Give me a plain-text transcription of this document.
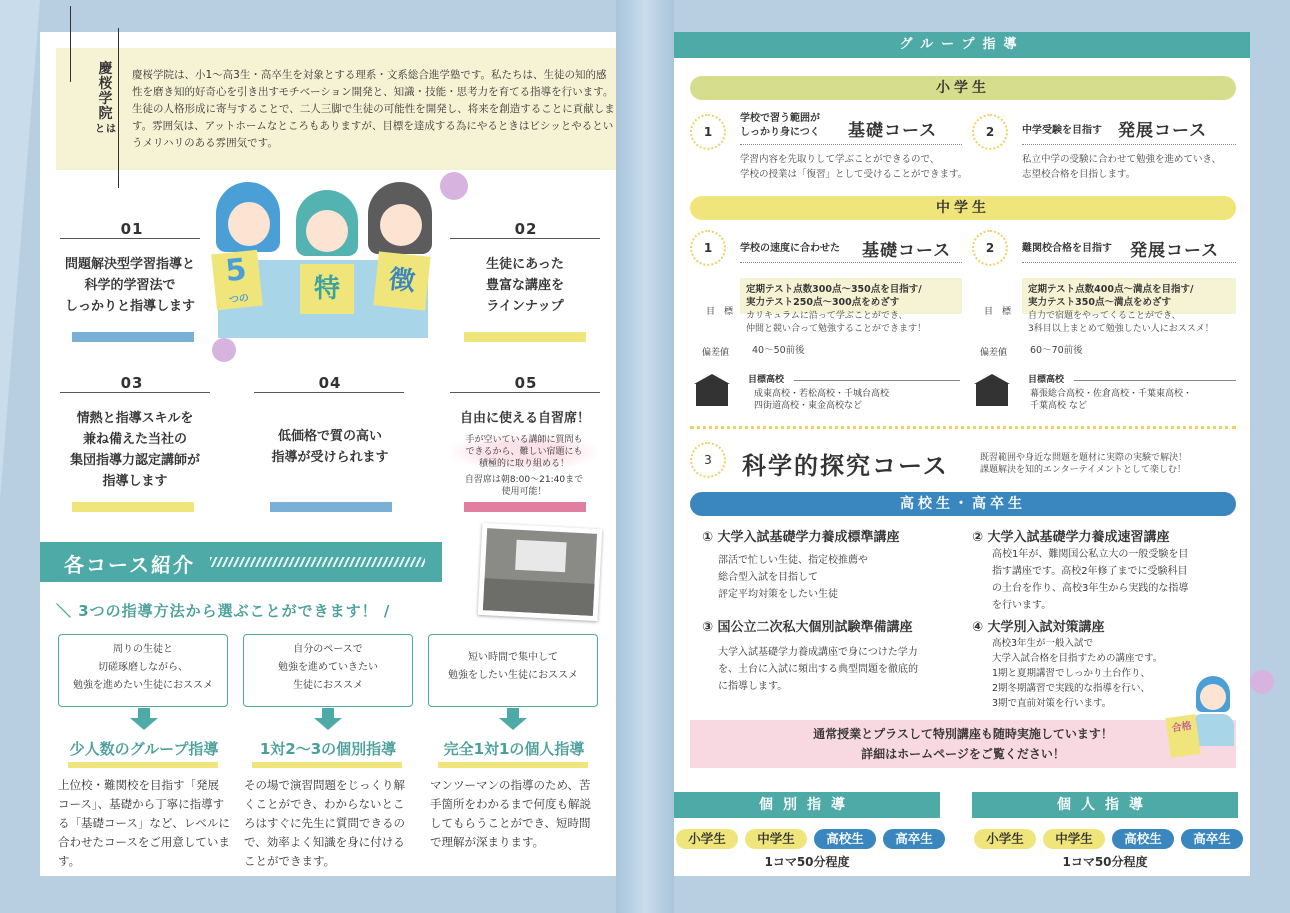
慶
桜
学
院
とは
慶桜学院は、小1～高3生・高卒生を対象とする理系・文系総合進学塾です。私たちは、生徒の知的感性を磨き知的好奇心を引き出すモチベーション開発と、知識・技能・思考力を育てる指導を行います。生徒の人格形成に寄与することで、二人三脚で生徒の可能性を開発し、将来を創造することに貢献します。雰囲気は、アットホームなところもありますが、目標を達成する為にやるときはビシッとやるというメリハリのある雰囲気です。
5
つの	特	徴
01
問題解決型学習指導と
科学的学習法で
しっかりと指導します
02
生徒にあった
豊富な講座を
ラインナップ
03
情熱と指導スキルを
兼ね備えた当社の
集団指導力認定講師が
指導します
04
低価格で質の高い
指導が受けられます
05
自由に使える自習席！
手が空いている講師に質問も
できるから、難しい宿題にも
積極的に取り組める！
自習席は朝8:00～21:40まで
使用可能！
各コース紹介
＼ 3つの指導方法から選ぶことができます！ /
周りの生徒と
切磋琢磨しながら、
勉強を進めたい生徒におススメ
自分のペースで
勉強を進めていきたい
生徒におススメ
短い時間で集中して
勉強をしたい生徒におススメ
少人数のグループ指導	1対2～3の個別指導	完全1対1の個人指導
上位校・難関校を目指す「発展コース」、基礎から丁寧に指導する「基礎コース」など、レベルに合わせたコースをご用意しています。
その場で演習問題をじっくり解くことができ、わからないところはすぐに先生に質問できるので、効率よく知識を身に付けることができます。
マンツーマンの指導のため、苦手箇所をわかるまで何度も解説してもらうことができ、短時間で理解が深まります。
グループ指導
小学生
1
学校で習う範囲が
しっかり身につく 基礎コース
学習内容を先取りして学ぶことができるので、
学校の授業は「復習」として受けることができます。
2	中学受験を目指す 発展コース
私立中学の受験に合わせて勉強を進めていき、
志望校合格を目指します。
中学生
1	学校の速度に合わせた 基礎コース
定期テスト点数300点～350点を目指す/
実力テスト250点～300点をめざす
目　標 カリキュラムに沿って学ぶことができ、
仲間と競い合って勉強することができます！
偏差値 40～50前後
目標高校
成東高校・若松高校・千城台高校
四街道高校・東金高校など
2	難関校合格を目指す 発展コース
定期テスト点数400点～満点を目指す/
実力テスト350点～満点をめざす
目　標 自力で宿題をやってくることができ、
3科目以上まとめて勉強したい人におススメ！
偏差値 60～70前後
目標高校
幕張総合高校・佐倉高校・千葉東高校・
千葉高校 など
3	科学的探究コース	既習範囲や身近な問題を題材に実際の実験で解決！
課題解決を知的エンターテイメントとして楽しむ！
高校生・高卒生
① 大学入試基礎学力養成標準講座
部活で忙しい生徒、指定校推薦や
総合型入試を目指して
評定平均対策をしたい生徒
② 大学入試基礎学力養成速習講座
高校1年が、難関国公私立大の一般受験を目
指す講座です。高校2年修了までに受験科目
の土台を作り、高校3年生から実践的な指導
を行います。
③ 国公立二次私大個別試験準備講座
大学入試基礎学力養成講座で身につけた学力
を、土台に入試に頻出する典型問題を徹底的
に指導します。
④ 大学別入試対策講座
高校3年生が一般入試で
大学入試合格を目指すための講座です。
1期と夏期講習でしっかり土台作り、
2期冬期講習で実践的な指導を行い、
3期で直前対策を行います。
通常授業とプラスして特別講座も随時実施しています！
詳細はホームページをご覧ください！
合格
個別指導
小学生	中学生	高校生	高卒生
1コマ50分程度
個人指導
小学生	中学生	高校生	高卒生
1コマ50分程度
